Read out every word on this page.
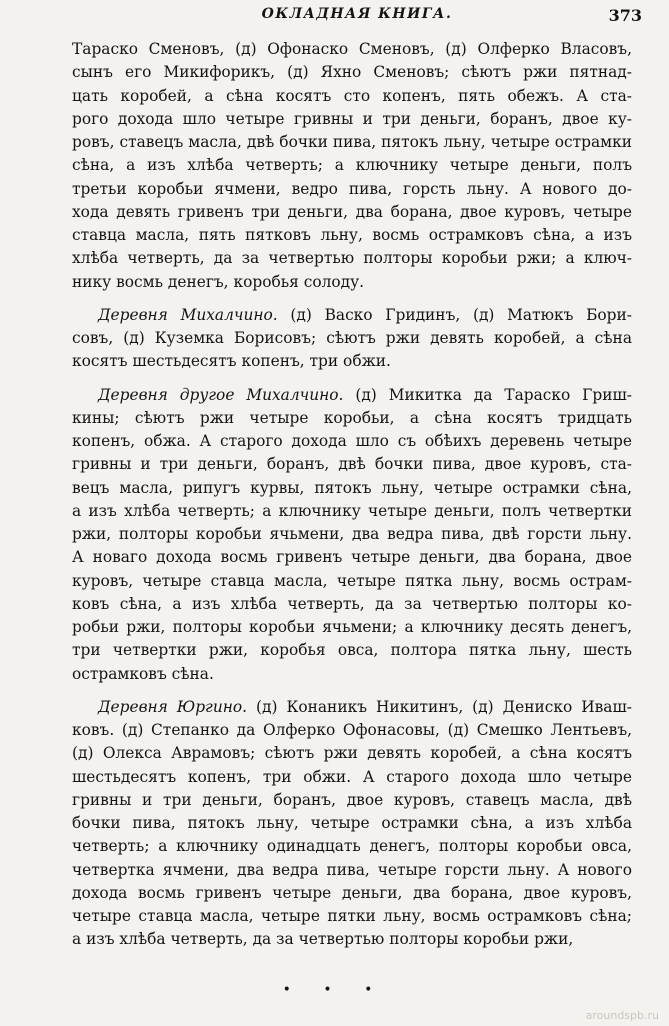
ОКЛАДНАЯ КНИГА.	373
Тараско Сменовъ, (д) Офонаско Сменовъ, (д) Олферко Власовъ,
сынъ его Микифорикъ, (д) Яхно Сменовъ; сѣютъ ржи пятнад-
цать коробей, а сѣна косятъ сто копенъ, пять обежъ. А ста-
рого дохода шло четыре гривны и три деньги, боранъ, двое ку-
ровъ, ставецъ масла, двѣ бочки пива, пятокъ льну, четыре острамки
сѣна, а изъ хлѣба четверть; а ключнику четыре деньги, полъ
третьи коробьи ячмени, ведро пива, горсть льну. А нового до-
хода девять гривенъ три деньги, два борана, двое куровъ, четыре
ставца масла, пять пятковъ льну, восмь острамковъ сѣна, а изъ
хлѣба четверть, да за четвертью полторы коробьи ржи; а ключ-
нику восмь денегъ, коробья солоду.
Деревня Михалчино. (д) Васко Гридинъ, (д) Матюкъ Бори-
совъ, (д) Куземка Борисовъ; сѣютъ ржи девять коробей, а сѣна
косятъ шестьдесятъ копенъ, три обжи.
Деревня другое Михалчино. (д) Микитка да Тараско Гриш-
кины; сѣютъ ржи четыре коробьи, а сѣна косятъ тридцать
копенъ, обжа. А старого дохода шло съ обѣихъ деревень четыре
гривны и три деньги, боранъ, двѣ бочки пива, двое куровъ, ста-
вецъ масла, рипугъ курвы, пятокъ льну, четыре острамки сѣна,
а изъ хлѣба четверть; а ключнику четыре деньги, полъ четвертки
ржи, полторы коробьи ячьмени, два ведра пива, двѣ горсти льну.
А новаго дохода восмь гривенъ четыре деньги, два борана, двое
куровъ, четыре ставца масла, четыре пятка льну, восмь острам-
ковъ сѣна, а изъ хлѣба четверть, да за четвертью полторы ко-
робьи ржи, полторы коробьи ячьмени; а ключнику десять денегъ,
три четвертки ржи, коробья овса, полтора пятка льну, шесть
острамковъ сѣна.
Деревня Юргино. (д) Конаникъ Никитинъ, (д) Дениско Иваш-
ковъ. (д) Степанко да Олферко Офонасовы, (д) Смешко Лентьевъ,
(д) Олекса Аврамовъ; сѣютъ ржи девять коробей, а сѣна косятъ
шестьдесятъ копенъ, три обжи. А старого дохода шло четыре
гривны и три деньги, боранъ, двое куровъ, ставецъ масла, двѣ
бочки пива, пятокъ льну, четыре острамки сѣна, а изъ хлѣба
четверть; а ключнику одинадцать денегъ, полторы коробьи овса,
четвертка ячмени, два ведра пива, четыре горсти льну. А нового
дохода восмь гривенъ четыре деньги, два борана, двое куровъ,
четыре ставца масла, четыре пятки льну, восмь острамковъ сѣна;
а изъ хлѣба четверть, да за четвертью полторы коробьи ржи,
• • •
aroundspb.ru
